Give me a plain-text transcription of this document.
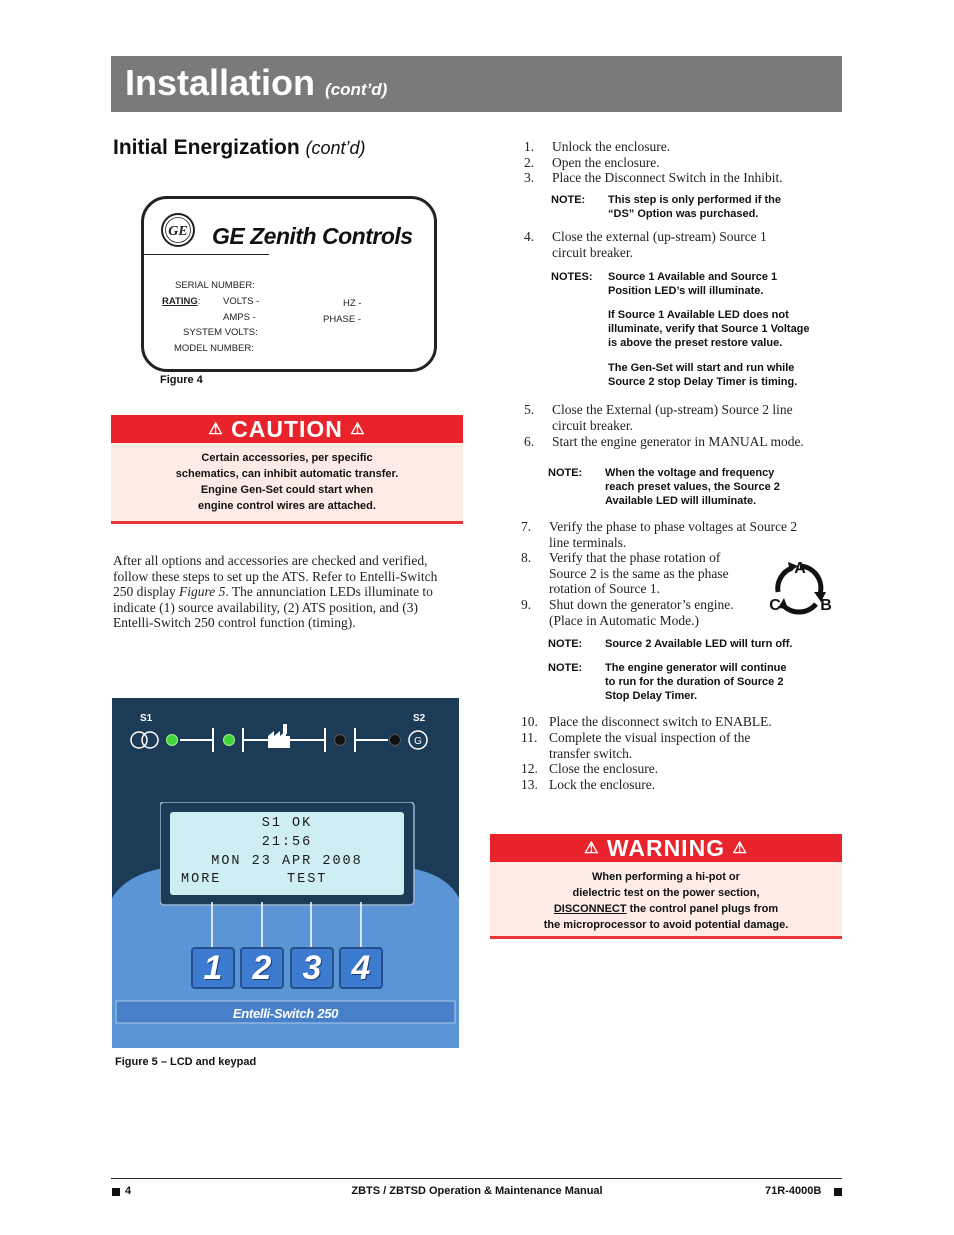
Installation (cont’d)
Initial Energization (cont’d)
GE GE Zenith Controls
SERIAL NUMBER:
RATING: VOLTS -
AMPS -
SYSTEM VOLTS:
MODEL NUMBER:
HZ -
PHASE -
Figure 4
⚠ CAUTION ⚠
Certain accessories, per specific
schematics, can inhibit automatic transfer.
Engine Gen-Set could start when
engine control wires are attached.
After all options and accessories are checked and verified,
follow these steps to set up the ATS. Refer to Entelli-Switch
250 display Figure 5. The annunciation LEDs illuminate to
indicate (1) source availability, (2) ATS position, and (3)
Entelli-Switch 250 control function (timing).
S1	S2
G
S1 OK
21:56
MON 23 APR 2008
MORE	TEST
1 2 3 4
Entelli-Switch 250
Figure 5 – LCD and keypad
1. Unlock the enclosure.
2. Open the enclosure.
3. Place the Disconnect Switch in the Inhibit.
NOTE: This step is only performed if the
“DS” Option was purchased.
4. Close the external (up-stream) Source 1
circuit breaker.
NOTES: Source 1 Available and Source 1
Position LED’s will illuminate.
If Source 1 Available LED does not
illuminate, verify that Source 1 Voltage
is above the preset restore value.
The Gen-Set will start and run while
Source 2 stop Delay Timer is timing.
5. Close the External (up-stream) Source 2 line
circuit breaker.
6. Start the engine generator in MANUAL mode.
NOTE: When the voltage and frequency
reach preset values, the Source 2
Available LED will illuminate.
7. Verify the phase to phase voltages at Source 2
line terminals.
8. Verify that the phase rotation of
Source 2 is the same as the phase
rotation of Source 1.
9. Shut down the generator’s engine.
(Place in Automatic Mode.)
A
B
C
NOTE: Source 2 Available LED will turn off.
NOTE: The engine generator will continue
to run for the duration of Source 2
Stop Delay Timer.
10. Place the disconnect switch to ENABLE.
11. Complete the visual inspection of the
transfer switch.
12. Close the enclosure.
13. Lock the enclosure.
⚠ WARNING ⚠
When performing a hi-pot or
dielectric test on the power section,
DISCONNECT the control panel plugs from
the microprocessor to avoid potential damage.
4	ZBTS / ZBTSD Operation & Maintenance Manual	71R-4000B
